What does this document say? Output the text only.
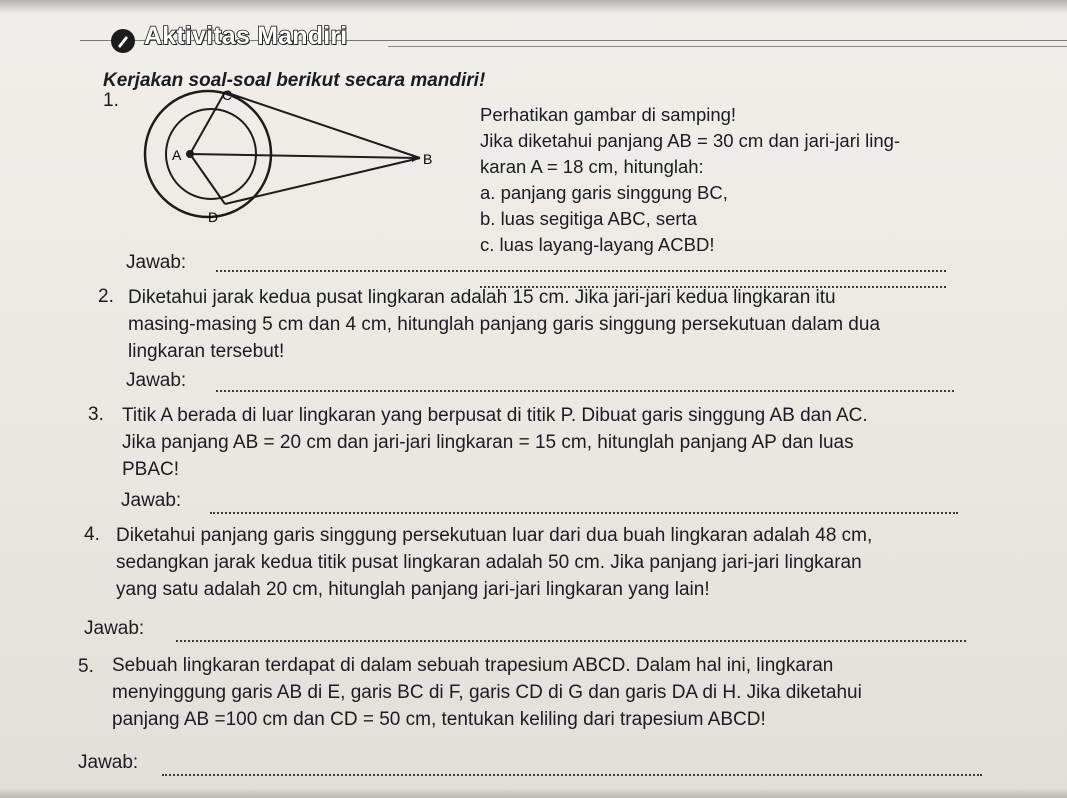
Aktivitas Mandiri
Kerjakan soal-soal berikut secara mandiri!
1.	C
A	B
D
Perhatikan gambar di samping!
Jika diketahui panjang AB = 30 cm dan jari-jari ling-
karan A = 18 cm, hitunglah:
a. panjang garis singgung BC,
b. luas segitiga ABC, serta
c. luas layang-layang ACBD!
Jawab:
2. Diketahui jarak kedua pusat lingkaran adalah 15 cm. Jika jari-jari kedua lingkaran itu
masing-masing 5 cm dan 4 cm, hitunglah panjang garis singgung persekutuan dalam dua
lingkaran tersebut!
Jawab:
3. Titik A berada di luar lingkaran yang berpusat di titik P. Dibuat garis singgung AB dan AC.
Jika panjang AB = 20 cm dan jari-jari lingkaran = 15 cm, hitunglah panjang AP dan luas
PBAC!
Jawab:
4. Diketahui panjang garis singgung persekutuan luar dari dua buah lingkaran adalah 48 cm,
sedangkan jarak kedua titik pusat lingkaran adalah 50 cm. Jika panjang jari-jari lingkaran
yang satu adalah 20 cm, hitunglah panjang jari-jari lingkaran yang lain!
Jawab:
5. Sebuah lingkaran terdapat di dalam sebuah trapesium ABCD. Dalam hal ini, lingkaran
menyinggung garis AB di E, garis BC di F, garis CD di G dan garis DA di H. Jika diketahui
panjang AB =100 cm dan CD = 50 cm, tentukan keliling dari trapesium ABCD!
Jawab:
